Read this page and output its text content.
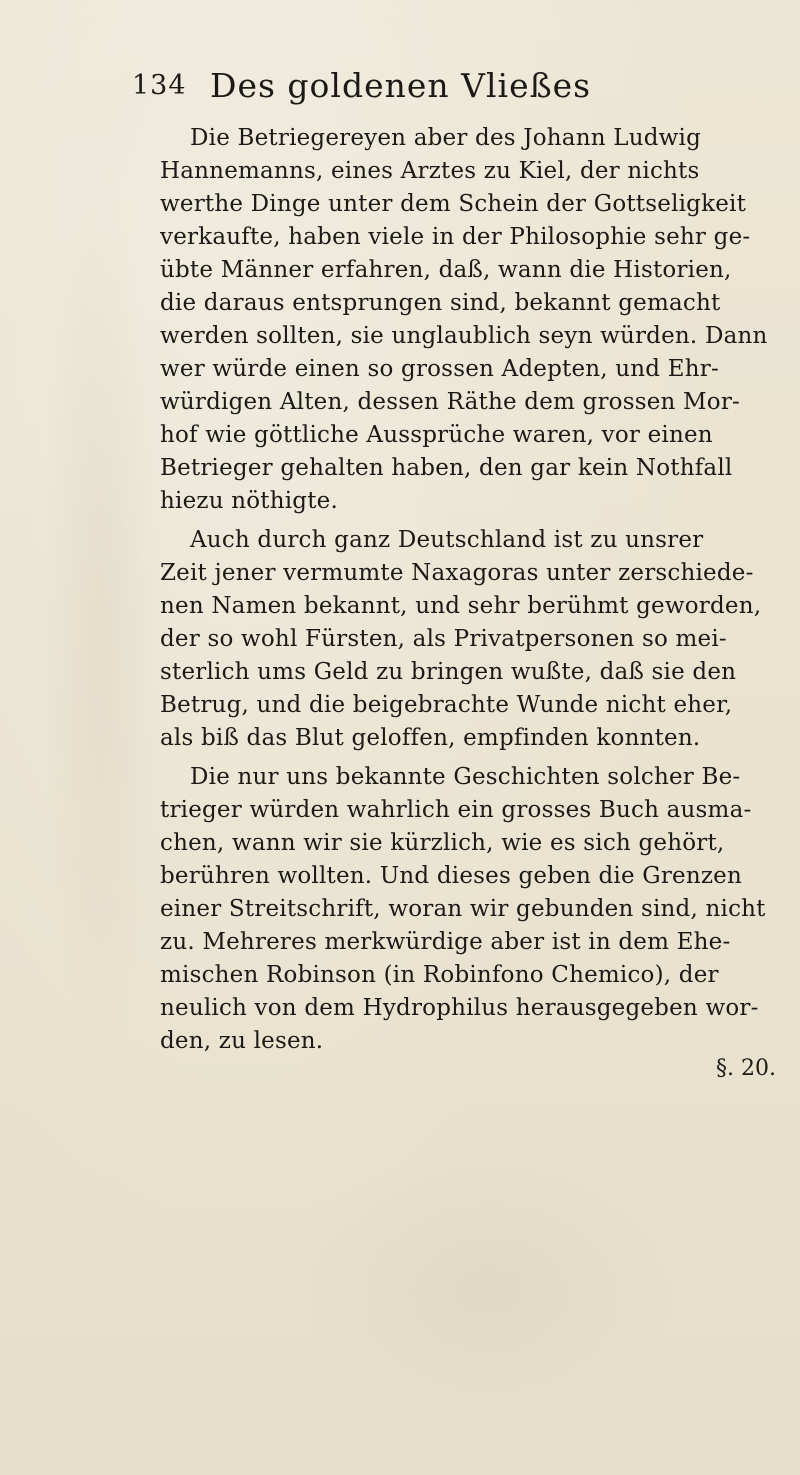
134 Des goldenen Vließes
Die Betriegereyen aber des Johann Ludwig
Hannemanns, eines Arztes zu Kiel, der nichts
werthe Dinge unter dem Schein der Gottseligkeit
verkaufte, haben viele in der Philosophie sehr ge-
übte Männer erfahren, daß, wann die Historien,
die daraus entsprungen sind, bekannt gemacht
werden sollten, sie unglaublich seyn würden. Dann
wer würde einen so grossen Adepten, und Ehr-
würdigen Alten, dessen Räthe dem grossen Mor-
hof wie göttliche Aussprüche waren, vor einen
Betrieger gehalten haben, den gar kein Nothfall
hiezu nöthigte.
Auch durch ganz Deutschland ist zu unsrer
Zeit jener vermumte Naxagoras unter zerschiede-
nen Namen bekannt, und sehr berühmt geworden,
der so wohl Fürsten, als Privatpersonen so mei-
sterlich ums Geld zu bringen wußte, daß sie den
Betrug, und die beigebrachte Wunde nicht eher,
als biß das Blut geloffen, empfinden konnten.
Die nur uns bekannte Geschichten solcher Be-
trieger würden wahrlich ein grosses Buch ausma-
chen, wann wir sie kürzlich, wie es sich gehört,
berühren wollten. Und dieses geben die Grenzen
einer Streitschrift, woran wir gebunden sind, nicht
zu. Mehreres merkwürdige aber ist in dem Ehe-
mischen Robinson (in Robinfono Chemico), der
neulich von dem Hydrophilus herausgegeben wor-
den, zu lesen.
§. 20.
